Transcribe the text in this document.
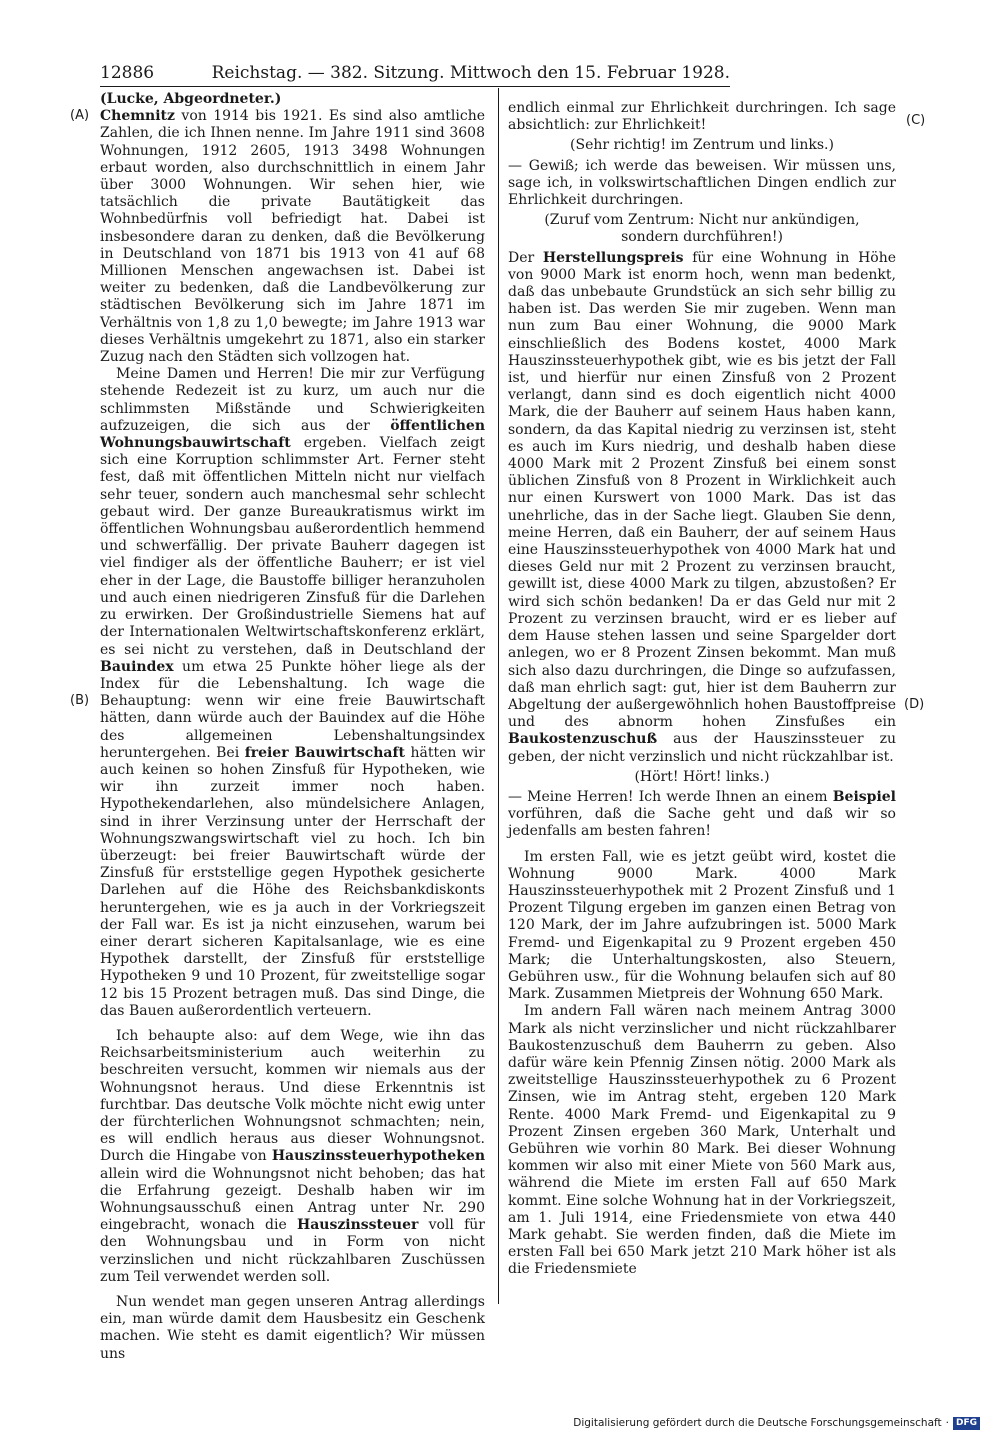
12886	Reichstag. — 382. Sitzung. Mittwoch den 15. Februar 1928.
(A)
(B)
(C)
(D)

(Lucke, Abgeordneter.)

Chemnitz von 1914 bis 1921. Es sind also amtliche Zahlen, die ich Ihnen nenne. Im Jahre 1911 sind 3608 Wohnungen, 1912 2605, 1913 3498 Wohnungen erbaut worden, also durchschnittlich in einem Jahr über 3000 Wohnungen. Wir sehen hier, wie tatsächlich die private Bautätigkeit das Wohnbedürfnis voll befriedigt hat. Dabei ist insbesondere daran zu denken, daß die Bevölkerung in Deutschland von 1871 bis 1913 von 41 auf 68 Millionen Menschen angewachsen ist. Dabei ist weiter zu bedenken, daß die Landbevölkerung zur städtischen Bevölkerung sich im Jahre 1871 im Verhältnis von 1,8 zu 1,0 bewegte; im Jahre 1913 war dieses Verhältnis umgekehrt zu 1871, also ein starker Zuzug nach den Städten sich vollzogen hat.

Meine Damen und Herren! Die mir zur Verfügung stehende Redezeit ist zu kurz, um auch nur die schlimmsten Mißstände und Schwierigkeiten aufzuzeigen, die sich aus der öffentlichen Wohnungsbauwirtschaft ergeben. Vielfach zeigt sich eine Korruption schlimmster Art. Ferner steht fest, daß mit öffentlichen Mitteln nicht nur vielfach sehr teuer, sondern auch manchesmal sehr schlecht gebaut wird. Der ganze Bureaukratismus wirkt im öffentlichen Wohnungsbau außerordentlich hemmend und schwerfällig. Der private Bauherr dagegen ist viel findiger als der öffentliche Bauherr; er ist viel eher in der Lage, die Baustoffe billiger heranzuholen und auch einen niedrigeren Zinsfuß für die Darlehen zu erwirken. Der Großindustrielle Siemens hat auf der Internationalen Weltwirtschaftskonferenz erklärt, es sei nicht zu verstehen, daß in Deutschland der Bauindex um etwa 25 Punkte höher liege als der Index für die Lebenshaltung. Ich wage die Behauptung: wenn wir eine freie Bauwirtschaft hätten, dann würde auch der Bauindex auf die Höhe des allgemeinen Lebenshaltungsindex heruntergehen. Bei freier Bauwirtschaft hätten wir auch keinen so hohen Zinsfuß für Hypotheken, wie wir ihn zurzeit immer noch haben. Hypothekendarlehen, also mündelsichere Anlagen, sind in ihrer Verzinsung unter der Herrschaft der Wohnungszwangswirtschaft viel zu hoch. Ich bin überzeugt: bei freier Bauwirtschaft würde der Zinsfuß für erststellige gegen Hypothek gesicherte Darlehen auf die Höhe des Reichsbankdiskonts heruntergehen, wie es ja auch in der Vorkriegszeit der Fall war. Es ist ja nicht einzusehen, warum bei einer derart sicheren Kapitalsanlage, wie es eine Hypothek darstellt, der Zinsfuß für erststellige Hypotheken 9 und 10 Prozent, für zweitstellige sogar 12 bis 15 Prozent betragen muß. Das sind Dinge, die das Bauen außerordentlich verteuern.

Ich behaupte also: auf dem Wege, wie ihn das Reichsarbeitsministerium auch weiterhin zu beschreiten versucht, kommen wir niemals aus der Wohnungsnot heraus. Und diese Erkenntnis ist furchtbar. Das deutsche Volk möchte nicht ewig unter der fürchterlichen Wohnungsnot schmachten; nein, es will endlich heraus aus dieser Wohnungsnot. Durch die Hingabe von Hauszinssteuerhypotheken allein wird die Wohnungsnot nicht behoben; das hat die Erfahrung gezeigt. Deshalb haben wir im Wohnungsausschuß einen Antrag unter Nr. 290 eingebracht, wonach die Hauszinssteuer voll für den Wohnungsbau und in Form von nicht verzinslichen und nicht rückzahlbaren Zuschüssen zum Teil verwendet werden soll.

Nun wendet man gegen unseren Antrag allerdings ein, man würde damit dem Hausbesitz ein Geschenk machen. Wie steht es damit eigentlich? Wir müssen uns

endlich einmal zur Ehrlichkeit durchringen. Ich sage absichtlich: zur Ehrlichkeit!

(Sehr richtig! im Zentrum und links.)

— Gewiß; ich werde das beweisen. Wir müssen uns, sage ich, in volkswirtschaftlichen Dingen endlich zur Ehrlichkeit durchringen.

(Zuruf vom Zentrum: Nicht nur ankündigen,

sondern durchführen!)

Der Herstellungspreis für eine Wohnung in Höhe von 9000 Mark ist enorm hoch, wenn man bedenkt, daß das unbebaute Grundstück an sich sehr billig zu haben ist. Das werden Sie mir zugeben. Wenn man nun zum Bau einer Wohnung, die 9000 Mark einschließlich des Bodens kostet, 4000 Mark Hauszinssteuerhypothek gibt, wie es bis jetzt der Fall ist, und hierfür nur einen Zinsfuß von 2 Prozent verlangt, dann sind es doch eigentlich nicht 4000 Mark, die der Bauherr auf seinem Haus haben kann, sondern, da das Kapital niedrig zu verzinsen ist, steht es auch im Kurs niedrig, und deshalb haben diese 4000 Mark mit 2 Prozent Zinsfuß bei einem sonst üblichen Zinsfuß von 8 Prozent in Wirklichkeit auch nur einen Kurswert von 1000 Mark. Das ist das unehrliche, das in der Sache liegt. Glauben Sie denn, meine Herren, daß ein Bauherr, der auf seinem Haus eine Hauszinssteuerhypothek von 4000 Mark hat und dieses Geld nur mit 2 Prozent zu verzinsen braucht, gewillt ist, diese 4000 Mark zu tilgen, abzustoßen? Er wird sich schön bedanken! Da er das Geld nur mit 2 Prozent zu verzinsen braucht, wird er es lieber auf dem Hause stehen lassen und seine Spargelder dort anlegen, wo er 8 Prozent Zinsen bekommt. Man muß sich also dazu durchringen, die Dinge so aufzufassen, daß man ehrlich sagt: gut, hier ist dem Bauherrn zur Abgeltung der außergewöhnlich hohen Baustoffpreise und des abnorm hohen Zinsfußes ein Baukostenzuschuß aus der Hauszinssteuer zu geben, der nicht verzinslich und nicht rückzahlbar ist.

(Hört! Hört! links.)

— Meine Herren! Ich werde Ihnen an einem Beispiel vorführen, daß die Sache geht und daß wir so jedenfalls am besten fahren!

Im ersten Fall, wie es jetzt geübt wird, kostet die Wohnung 9000 Mark. 4000 Mark Hauszinssteuerhypothek mit 2 Prozent Zinsfuß und 1 Prozent Tilgung ergeben im ganzen einen Betrag von 120 Mark, der im Jahre aufzubringen ist. 5000 Mark Fremd- und Eigenkapital zu 9 Prozent ergeben 450 Mark; die Unterhaltungskosten, also Steuern, Gebühren usw., für die Wohnung belaufen sich auf 80 Mark. Zusammen Mietpreis der Wohnung 650 Mark.

Im andern Fall wären nach meinem Antrag 3000 Mark als nicht verzinslicher und nicht rückzahlbarer Baukostenzuschuß dem Bauherrn zu geben. Also dafür wäre kein Pfennig Zinsen nötig. 2000 Mark als zweitstellige Hauszinssteuerhypothek zu 6 Prozent Zinsen, wie im Antrag steht, ergeben 120 Mark Rente. 4000 Mark Fremd- und Eigenkapital zu 9 Prozent Zinsen ergeben 360 Mark, Unterhalt und Gebühren wie vorhin 80 Mark. Bei dieser Wohnung kommen wir also mit einer Miete von 560 Mark aus, während die Miete im ersten Fall auf 650 Mark kommt. Eine solche Wohnung hat in der Vorkriegszeit, am 1. Juli 1914, eine Friedensmiete von etwa 440 Mark gehabt. Sie werden finden, daß die Miete im ersten Fall bei 650 Mark jetzt 210 Mark höher ist als die Friedensmiete

Digitalisierung gefördert durch die Deutsche Forschungsgemeinschaft · DFG
